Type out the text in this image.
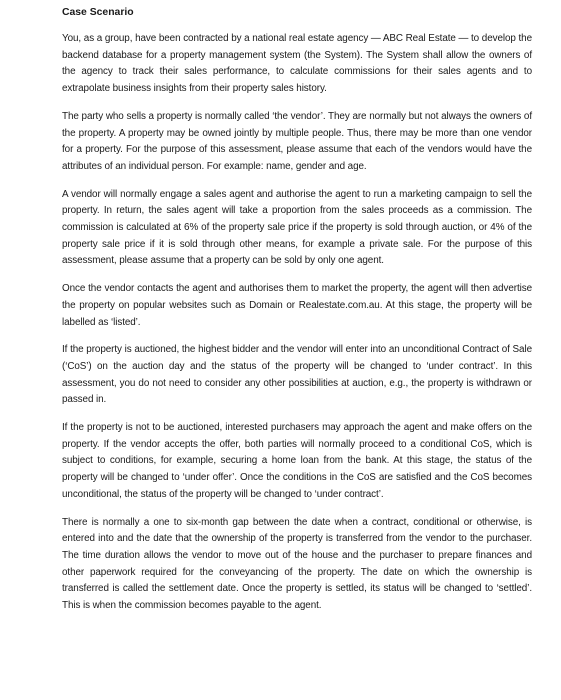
Case Scenario

You, as a group, have been contracted by a national real estate agency — ABC Real Estate — to develop the backend database for a property management system (the System). The System shall allow the owners of the agency to track their sales performance, to calculate commissions for their sales agents and to extrapolate business insights from their property sales history.

The party who sells a property is normally called ‘the vendor’. They are normally but not always the owners of the property. A property may be owned jointly by multiple people. Thus, there may be more than one vendor for a property. For the purpose of this assessment, please assume that each of the vendors would have the attributes of an individual person. For example: name, gender and age.

A vendor will normally engage a sales agent and authorise the agent to run a marketing campaign to sell the property. In return, the sales agent will take a proportion from the sales proceeds as a commission. The commission is calculated at 6% of the property sale price if the property is sold through auction, or 4% of the property sale price if it is sold through other means, for example a private sale. For the purpose of this assessment, please assume that a property can be sold by only one agent.

Once the vendor contacts the agent and authorises them to market the property, the agent will then advertise the property on popular websites such as Domain or Realestate.com.au. At this stage, the property will be labelled as ‘listed’.

If the property is auctioned, the highest bidder and the vendor will enter into an unconditional Contract of Sale (‘CoS’) on the auction day and the status of the property will be changed to ‘under contract’. In this assessment, you do not need to consider any other possibilities at auction, e.g., the property is withdrawn or passed in.

If the property is not to be auctioned, interested purchasers may approach the agent and make offers on the property. If the vendor accepts the offer, both parties will normally proceed to a conditional CoS, which is subject to conditions, for example, securing a home loan from the bank. At this stage, the status of the property will be changed to ‘under offer’. Once the conditions in the CoS are satisfied and the CoS becomes unconditional, the status of the property will be changed to ‘under contract’.

There is normally a one to six-month gap between the date when a contract, conditional or otherwise, is entered into and the date that the ownership of the property is transferred from the vendor to the purchaser. The time duration allows the vendor to move out of the house and the purchaser to prepare finances and other paperwork required for the conveyancing of the property. The date on which the ownership is transferred is called the settlement date. Once the property is settled, its status will be changed to ‘settled’. This is when the commission becomes payable to the agent.
